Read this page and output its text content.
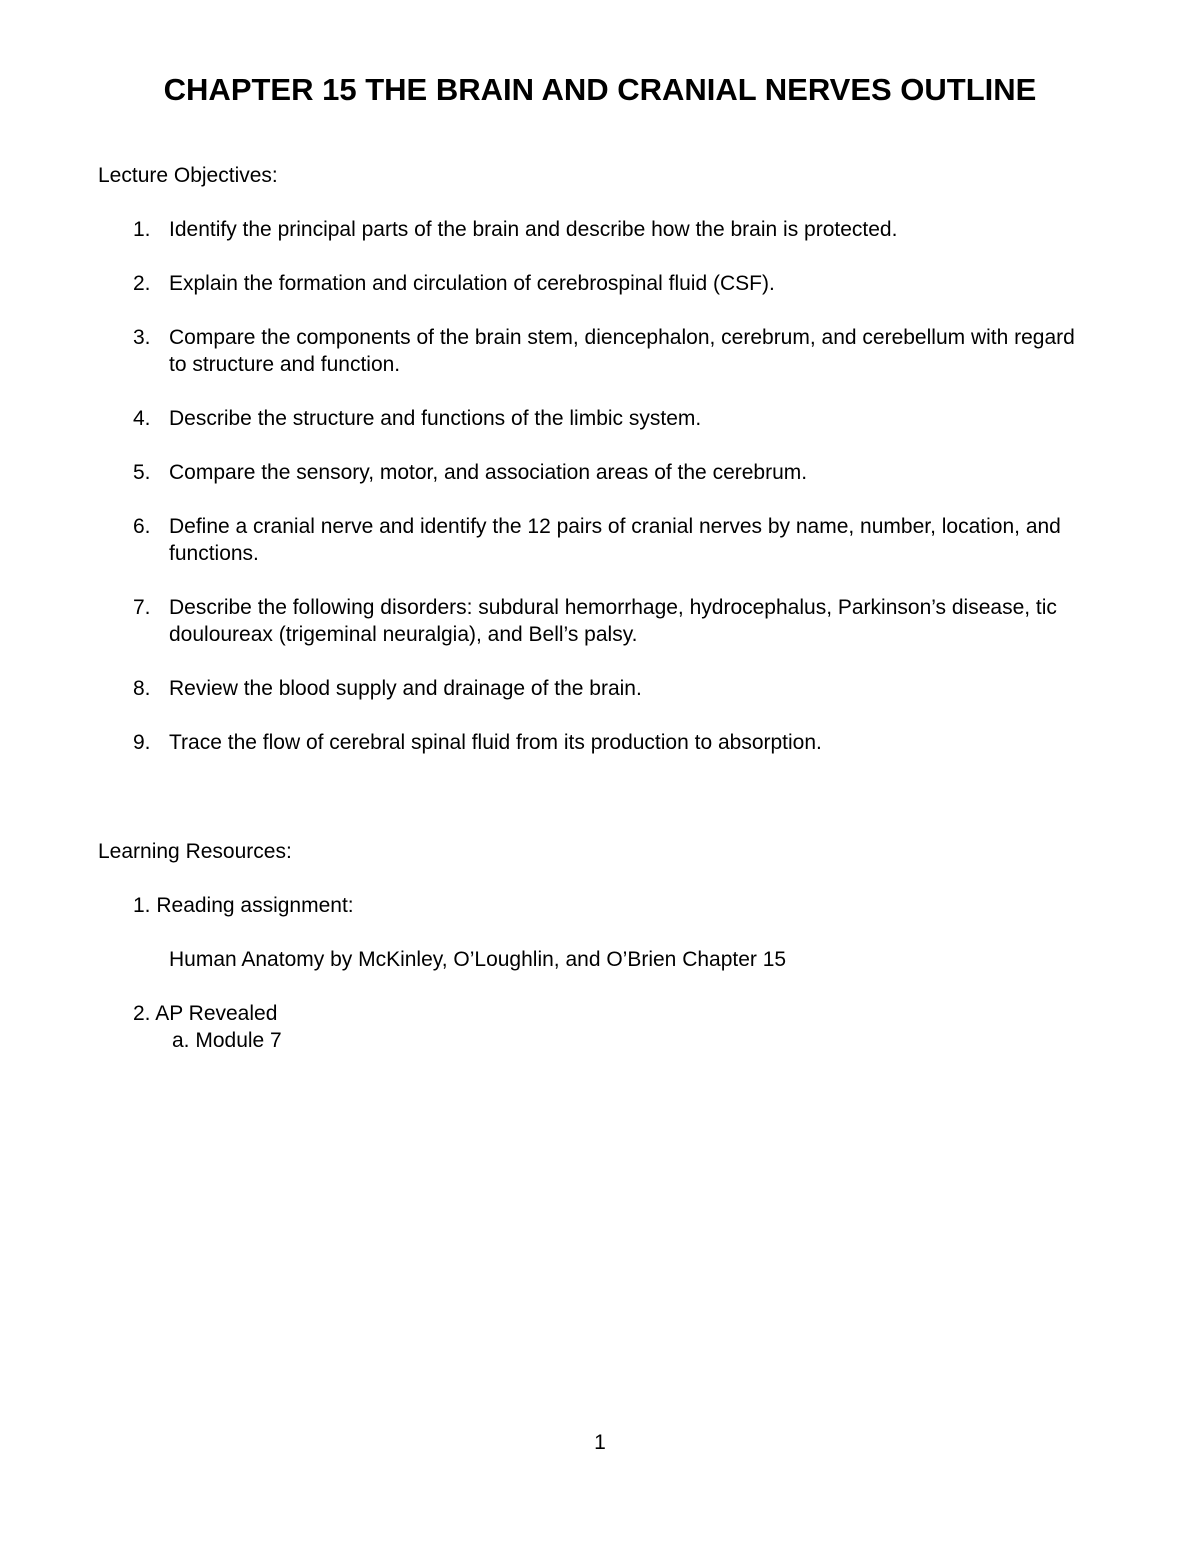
CHAPTER 15 THE BRAIN AND CRANIAL NERVES OUTLINE

Lecture Objectives:

1. Identify the principal parts of the brain and describe how the brain is protected.
2. Explain the formation and circulation of cerebrospinal fluid (CSF).
3. Compare the components of the brain stem, diencephalon, cerebrum, and cerebellum with regard to structure and function.
4. Describe the structure and functions of the limbic system.
5. Compare the sensory, motor, and association areas of the cerebrum.
6. Define a cranial nerve and identify the 12 pairs of cranial nerves by name, number, location, and functions.
7. Describe the following disorders: subdural hemorrhage, hydrocephalus, Parkinson’s disease, tic douloureax (trigeminal neuralgia), and Bell’s palsy.
8. Review the blood supply and drainage of the brain.
9. Trace the flow of cerebral spinal fluid from its production to absorption.

Learning Resources:

1. Reading assignment:

Human Anatomy by McKinley, O’Loughlin, and O’Brien Chapter 15

2. AP Revealed

a. Module 7

1
